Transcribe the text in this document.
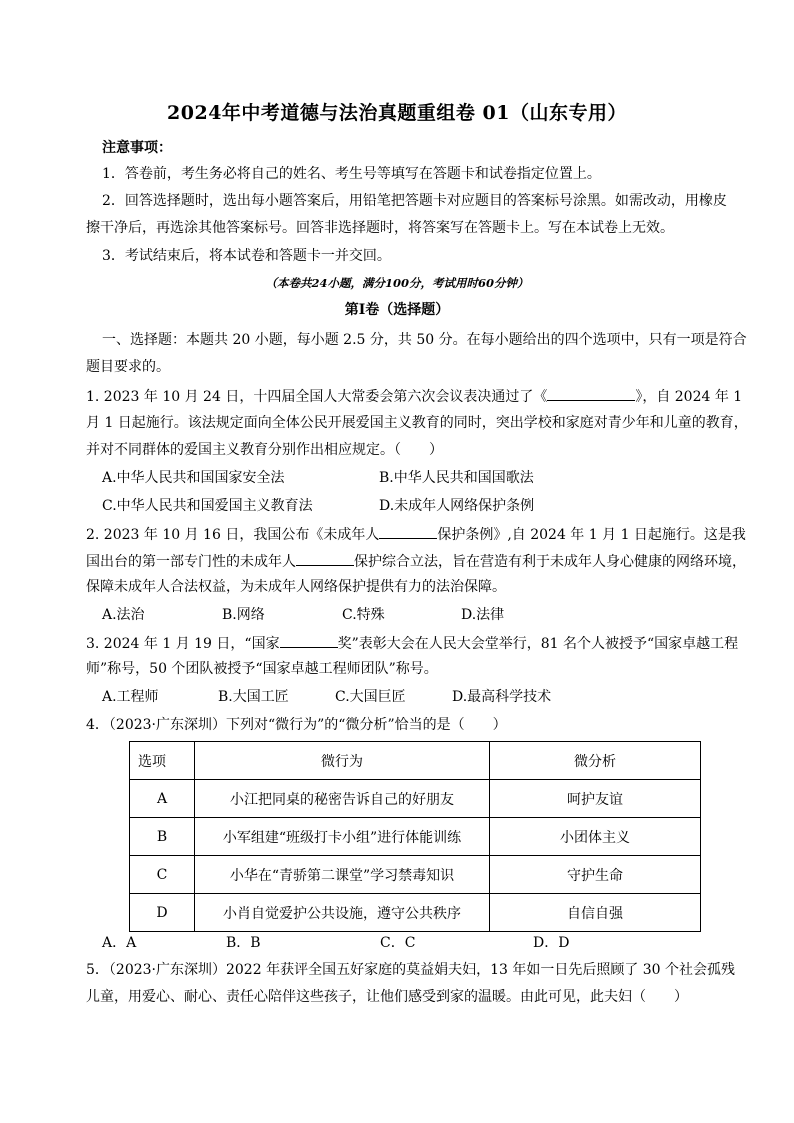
2024年中考道德与法治真题重组卷 01（山东专用）
注意事项：
1．答卷前，考生务必将自己的姓名、考生号等填写在答题卡和试卷指定位置上。
2．回答选择题时，选出每小题答案后，用铅笔把答题卡对应题目的答案标号涂黑。如需改动，用橡皮
擦干净后，再选涂其他答案标号。回答非选择题时，将答案写在答题卡上。写在本试卷上无效。
3．考试结束后，将本试卷和答题卡一并交回。
（本卷共24小题，满分100分，考试用时60分钟）
第Ⅰ卷（选择题）
一、选择题：本题共 20 小题，每小题 2.5 分，共 50 分。在每小题给出的四个选项中，只有一项是符合
题目要求的。
1. 2023 年 10 月 24 日，十四届全国人大常委会第六次会议表决通过了《	》，自 2024 年 1
月 1 日起施行。该法规定面向全体公民开展爱国主义教育的同时，突出学校和家庭对青少年和儿童的教育，
并对不同群体的爱国主义教育分别作出相应规定。（　　）
A.中华人民共和国国家安全法	B.中华人民共和国国歌法
C.中华人民共和国爱国主义教育法	D.未成年人网络保护条例
2. 2023 年 10 月 16 日，我国公布《未成年人	保护条例》,自 2024 年 1 月 1 日起施行。这是我
国出台的第一部专门性的未成年人	保护综合立法，旨在营造有利于未成年人身心健康的网络环境，
保障未成年人合法权益，为未成年人网络保护提供有力的法治保障。
A.法治	B.网络	C.特殊	D.法律
3. 2024 年 1 月 19 日，“国家	奖”表彰大会在人民大会堂举行，81 名个人被授予“国家卓越工程
师”称号，50 个团队被授予“国家卓越工程师团队”称号。
A.工程师	B.大国工匠	C.大国巨匠	D.最高科学技术
4．（2023·广东深圳）下列对“微行为”的“微分析”恰当的是（　　）
选项	微行为	微分析
A	小江把同桌的秘密告诉自己的好朋友	呵护友谊
B	小军组建“班级打卡小组”进行体能训练	小团体主义
C	小华在“青骄第二课堂”学习禁毒知识	守护生命
D	小肖自觉爱护公共设施，遵守公共秩序	自信自强
A．A	B．B	C．C	D．D
5．（2023·广东深圳）2022 年获评全国五好家庭的莫益娟夫妇，13 年如一日先后照顾了 30 个社会孤残
儿童，用爱心、耐心、责任心陪伴这些孩子，让他们感受到家的温暖。由此可见，此夫妇（　　）
